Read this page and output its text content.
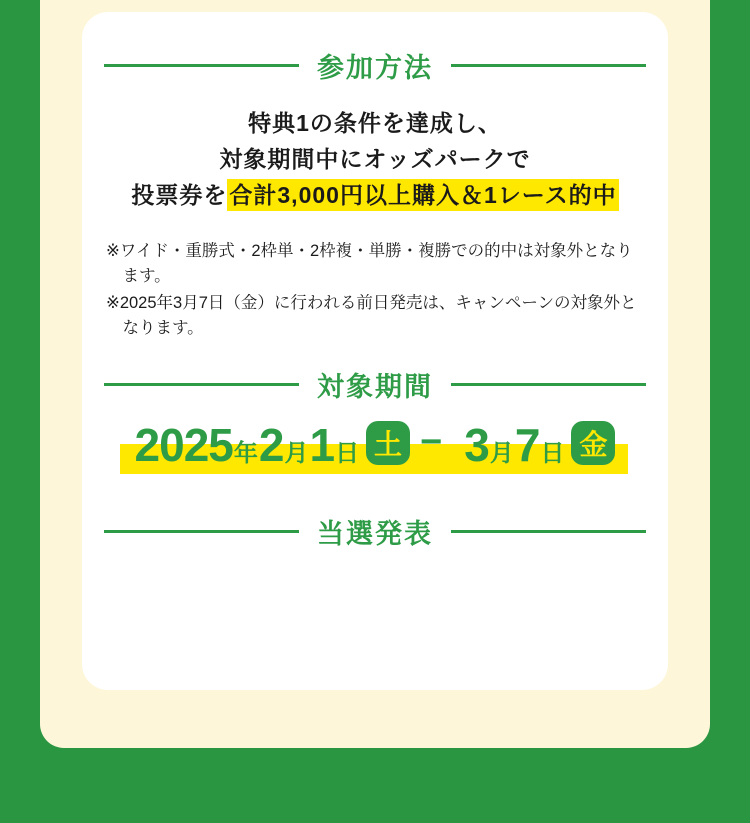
参加方法
特典1の条件を達成し、
対象期間中にオッズパークで
投票券を合計3,000円以上購入＆1レース的中
※ワイド・重勝式・2枠単・2枠複・単勝・複勝での的中は対象外となります。
※2025年3月7日（金）に行われる前日発売は、キャンペーンの対象外となります。
対象期間
2025 年 2 月 1 日 土 − 3 月 7 日 金
当選発表
